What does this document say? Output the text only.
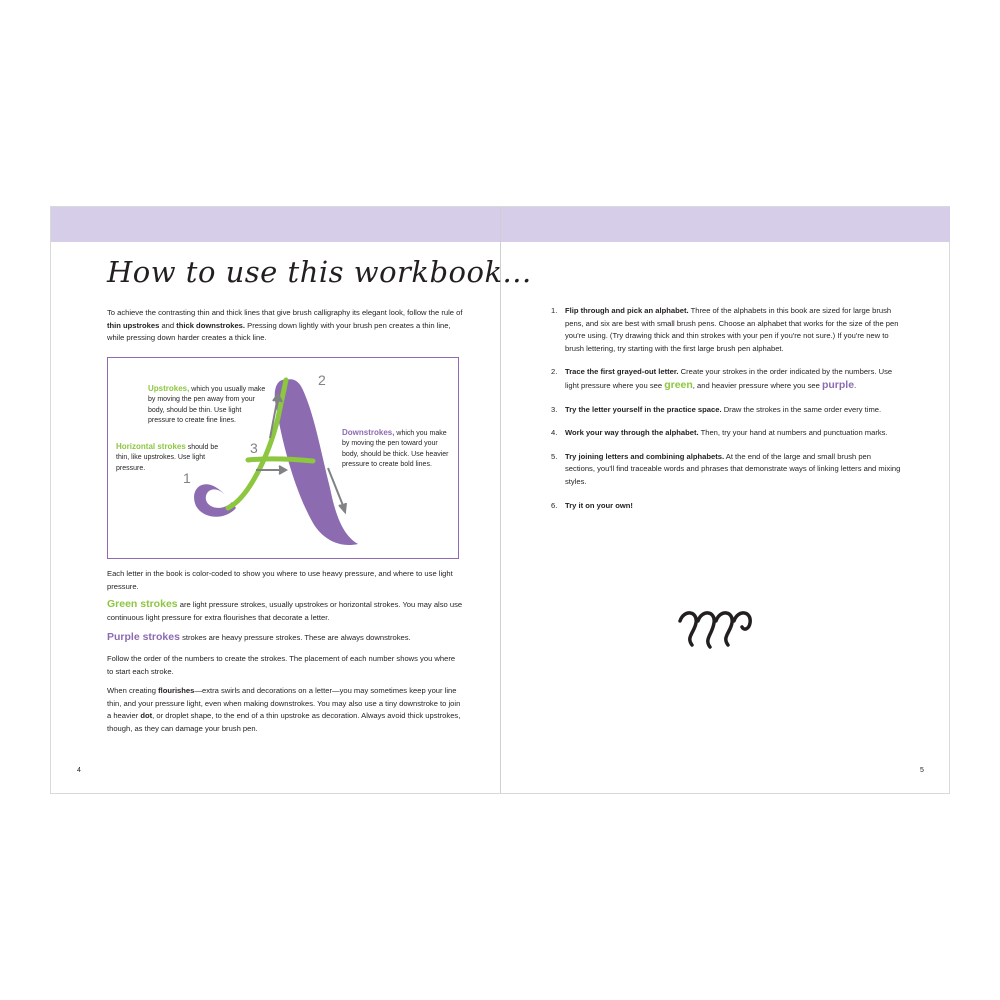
How to use this workbook...
To achieve the contrasting thin and thick lines that give brush calligraphy its elegant look, follow the rule of thin upstrokes and thick downstrokes. Pressing down lightly with your brush pen creates a thin line, while pressing down harder creates a thick line.
2
3
1
Upstrokes, which you usually make by moving the pen away from your body, should be thin. Use light pressure to create fine lines.
Horizontal strokes should be thin, like upstrokes. Use light pressure.
Downstrokes, which you make by moving the pen toward your body, should be thick. Use heavier pressure to create bold lines.
Each letter in the book is color-coded to show you where to use heavy pressure, and where to use light pressure.
Green strokes are light pressure strokes, usually upstrokes or horizontal strokes. You may also use continuous light pressure for extra flourishes that decorate a letter.
Purple strokes strokes are heavy pressure strokes. These are always downstrokes.
Follow the order of the numbers to create the strokes. The placement of each number shows you where to start each stroke.
When creating flourishes—extra swirls and decorations on a letter—you may sometimes keep your line thin, and your pressure light, even when making downstrokes. You may also use a tiny downstroke to join a heavier dot, or droplet shape, to the end of a thin upstroke as decoration. Always avoid thick upstrokes, though, as they can damage your brush pen.
4
1. Flip through and pick an alphabet. Three of the alphabets in this book are sized for large brush pens, and six are best with small brush pens. Choose an alphabet that works for the size of the pen you're using. (Try drawing thick and thin strokes with your pen if you're not sure.) If you're new to brush lettering, try starting with the first large brush pen alphabet.
2. Trace the first grayed-out letter. Create your strokes in the order indicated by the numbers. Use light pressure where you see green, and heavier pressure where you see purple.
3. Try the letter yourself in the practice space. Draw the strokes in the same order every time.
4. Work your way through the alphabet. Then, try your hand at numbers and punctuation marks.
5. Try joining letters and combining alphabets. At the end of the large and small brush pen sections, you'll find traceable words and phrases that demonstrate ways of linking letters and mixing styles.
6. Try it on your own!
5
